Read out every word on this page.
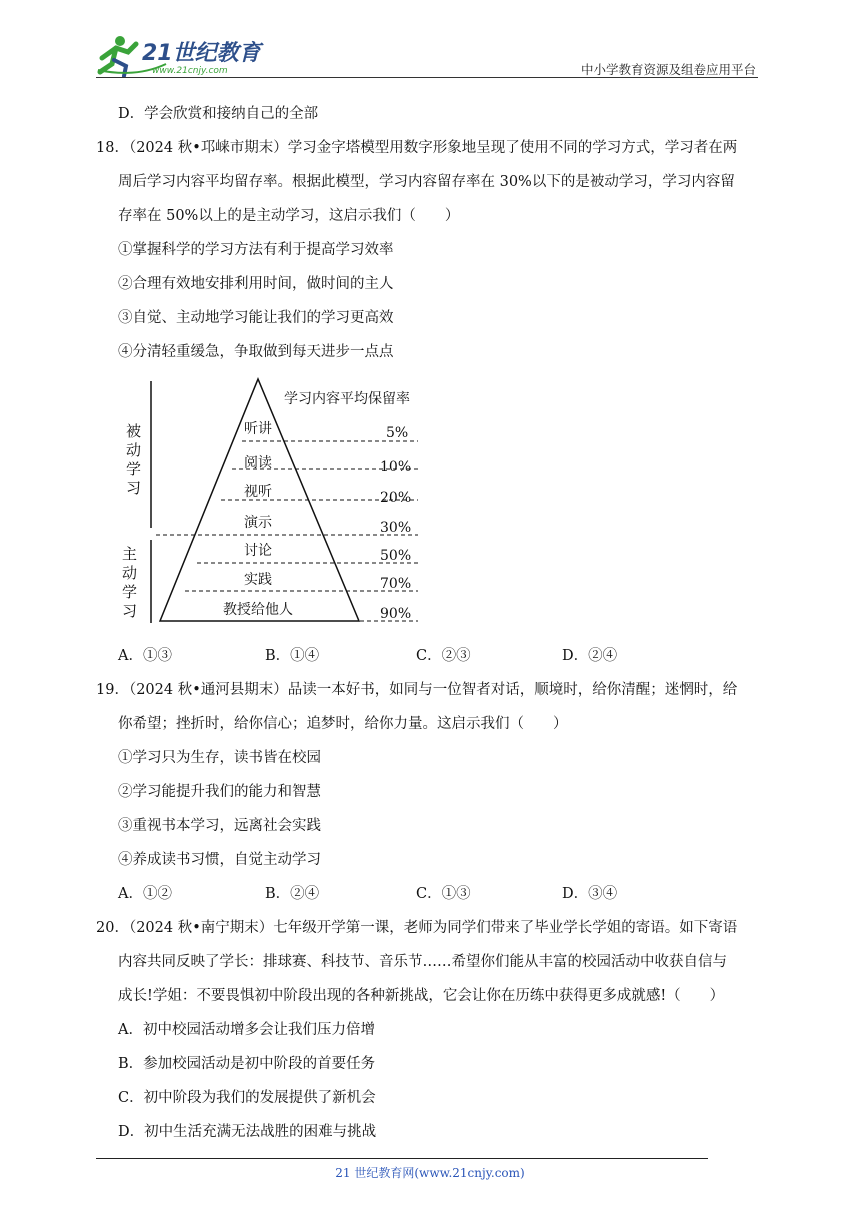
21世纪教育
www.21cnjy.com	中小学教育资源及组卷应用平台
D．学会欣赏和接纳自己的全部
18．（2024 秋•邛崃市期末）学习金字塔模型用数字形象地呈现了使用不同的学习方式，学习者在两
周后学习内容平均留存率。根据此模型，学习内容留存率在 30%以下的是被动学习，学习内容留
存率在 50%以上的是主动学习，这启示我们（　　）
①掌握科学的学习方法有利于提高学习效率
②合理有效地安排利用时间，做时间的主人
③自觉、主动地学习能让我们的学习更高效
④分清轻重缓急，争取做到每天进步一点点
被
动
学
习
主
动
学
习
学习内容平均保留率
听讲
阅读
视听
演示
讨论
实践
教授给他人
5%
10%
20%
30%
50%
70%
90%
A．①③	B．①④	C．②③	D．②④
19．（2024 秋•通河县期末）品读一本好书，如同与一位智者对话，顺境时，给你清醒；迷惘时，给
你希望；挫折时，给你信心；追梦时，给你力量。这启示我们（　　）
①学习只为生存，读书皆在校园
②学习能提升我们的能力和智慧
③重视书本学习，远离社会实践
④养成读书习惯，自觉主动学习
A．①②	B．②④	C．①③	D．③④
20．（2024 秋•南宁期末）七年级开学第一课，老师为同学们带来了毕业学长学姐的寄语。如下寄语
内容共同反映了学长：排球赛、科技节、音乐节……希望你们能从丰富的校园活动中收获自信与
成长!学姐：不要畏惧初中阶段出现的各种新挑战，它会让你在历练中获得更多成就感!（　　）
A．初中校园活动增多会让我们压力倍增
B．参加校园活动是初中阶段的首要任务
C．初中阶段为我们的发展提供了新机会
D．初中生活充满无法战胜的困难与挑战
21 世纪教育网(www.21cnjy.com)
